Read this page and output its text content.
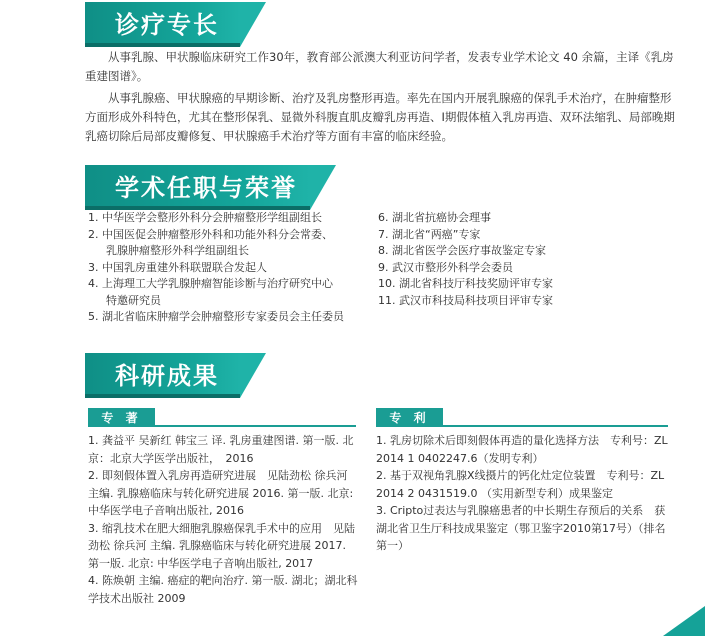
诊疗专长

从事乳腺、甲状腺临床研究工作30年，教育部公派澳大利亚访问学者，发表专业学术论文 40 余篇，主译《乳房重建图谱》。

从事乳腺癌、甲状腺癌的早期诊断、治疗及乳房整形再造。率先在国内开展乳腺癌的保乳手术治疗，在肿瘤整形方面形成外科特色，尤其在整形保乳、显微外科腹直肌皮瓣乳房再造、Ⅰ期假体植入乳房再造、双环法缩乳、局部晚期乳癌切除后局部皮瓣修复、甲状腺癌手术治疗等方面有丰富的临床经验。

学术任职与荣誉
1. 中华医学会整形外科分会肿瘤整形学组副组长
2. 中国医促会肿瘤整形外科和功能外科分会常委、
乳腺肿瘤整形外科学组副组长
3. 中国乳房重建外科联盟联合发起人
4. 上海理工大学乳腺肿瘤智能诊断与治疗研究中心
特邀研究员
5. 湖北省临床肿瘤学会肿瘤整形专家委员会主任委员
6. 湖北省抗癌协会理事
7. 湖北省“两癌”专家
8. 湖北省医学会医疗事故鉴定专家
9. 武汉市整形外科学会委员
10. 湖北省科技厅科技奖励评审专家
11. 武汉市科技局科技项目评审专家
科研成果
专 著	专 利
1. 龚益平 吴新红 韩宝三 译. 乳房重建图谱. 第一版. 北京：北京大学医学出版社，　2016
2. 即刻假体置入乳房再造研究进展　见陆劲松 徐兵河 主编. 乳腺癌临床与转化研究进展 2016. 第一版. 北京: 中华医学电子音响出版社, 2016
3. 缩乳技术在肥大细胞乳腺癌保乳手术中的应用　见陆劲松 徐兵河 主编. 乳腺癌临床与转化研究进展 2017. 第一版. 北京: 中华医学电子音响出版社, 2017
4. 陈焕朝 主编. 癌症的靶向治疗. 第一版. 湖北；湖北科学技术出版社 2009
1. 乳房切除术后即刻假体再造的量化选择方法　专利号：ZL 2014 1 0402247.6（发明专利）
2. 基于双视角乳腺X线摄片的钙化灶定位装置　专利号：ZL 2014 2 0431519.0 （实用新型专利）成果鉴定
3. Cripto过表达与乳腺癌患者的中长期生存预后的关系　获湖北省卫生厅科技成果鉴定（鄂卫鉴字2010第17号）（排名第一）
